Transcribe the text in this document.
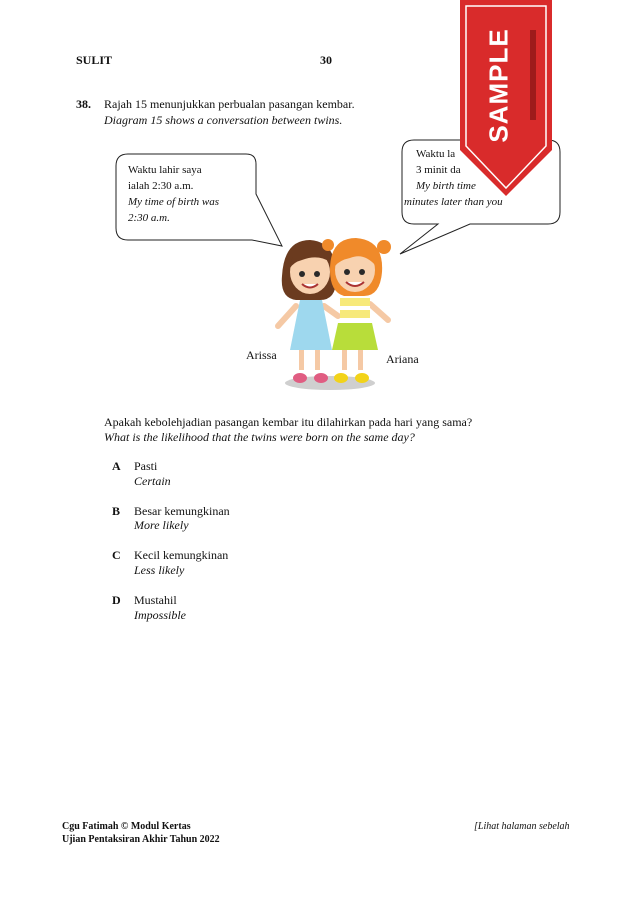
SULIT	30
38. Rajah 15 menunjukkan perbualan pasangan kembar.
Diagram 15 shows a conversation between twins.
Waktu lahir saya
ialah 2:30 a.m.
My time of birth was
2:30 a.m.
Waktu la
3 minit da
My birth time
minutes later than you
Arissa	Ariana
Apakah kebolehjadian pasangan kembar itu dilahirkan pada hari yang sama?
What is the likelihood that the twins were born on the same day?
A Pasti
Certain
B Besar kemungkinan
More likely
C Kecil kemungkinan
Less likely
D Mustahil
Impossible
Cgu Fatimah © Modul Kertas
Ujian Pentaksiran Akhir Tahun 2022
[Lihat halaman sebelah
SAMPLE
